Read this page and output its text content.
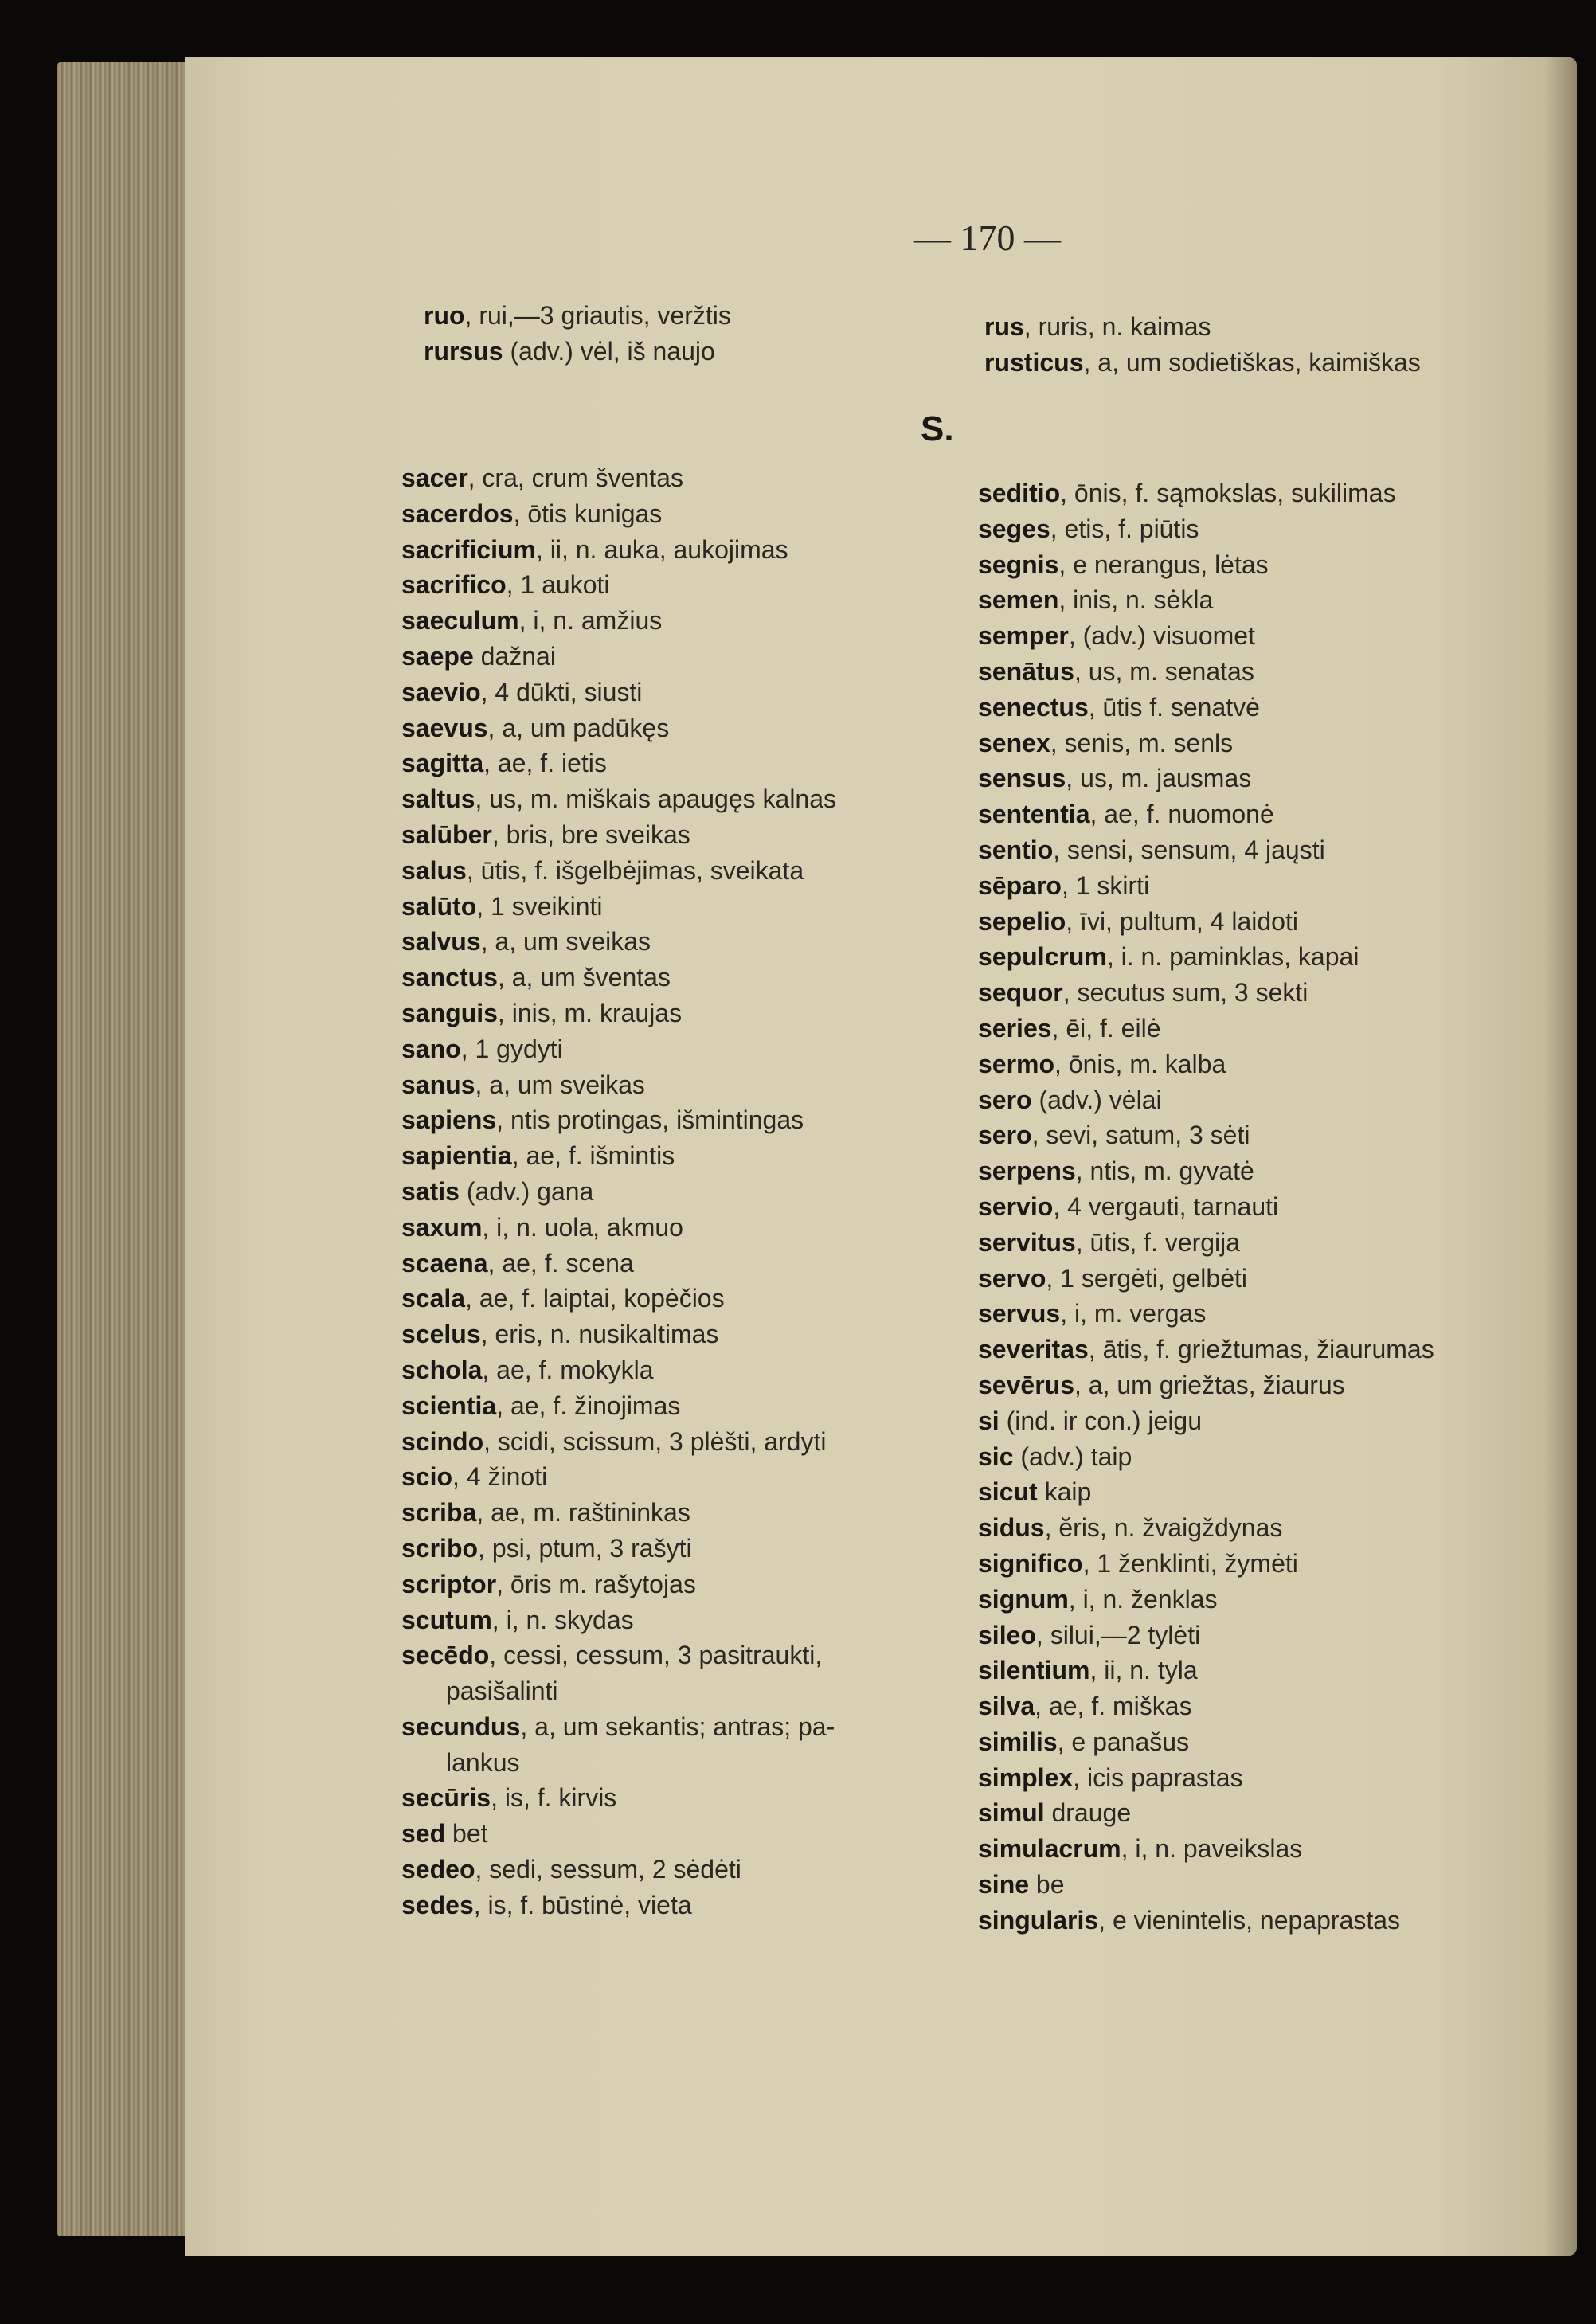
— 170 —
ruo, rui,—3 griautis, veržtis
rursus (adv.) vėl, iš naujo
rus, ruris, n. kaimas
rusticus, a, um sodietiškas, kaimiškas
S.
sacer, cra, crum šventas
sacerdos, ōtis kunigas
sacrificium, ii, n. auka, aukojimas
sacrifico, 1 aukoti
saeculum, i, n. amžius
saepe dažnai
saevio, 4 dūkti, siusti
saevus, a, um padūkęs
sagitta, ae, f. ietis
saltus, us, m. miškais apaugęs kalnas
salūber, bris, bre sveikas
salus, ūtis, f. išgelbėjimas, sveikata
salūto, 1 sveikinti
salvus, a, um sveikas
sanctus, a, um šventas
sanguis, inis, m. kraujas
sano, 1 gydyti
sanus, a, um sveikas
sapiens, ntis protingas, išmintingas
sapientia, ae, f. išmintis
satis (adv.) gana
saxum, i, n. uola, akmuo
scaena, ae, f. scena
scala, ae, f. laiptai, kopėčios
scelus, eris, n. nusikaltimas
schola, ae, f. mokykla
scientia, ae, f. žinojimas
scindo, scidi, scissum, 3 plėšti, ardyti
scio, 4 žinoti
scriba, ae, m. raštininkas
scribo, psi, ptum, 3 rašyti
scriptor, ōris m. rašytojas
scutum, i, n. skydas
secēdo, cessi, cessum, 3 pasitraukti,
pasišalinti
secundus, a, um sekantis; antras; pa-
lankus
secūris, is, f. kirvis
sed bet
sedeo, sedi, sessum, 2 sėdėti
sedes, is, f. būstinė, vieta
seditio, ōnis, f. sąmokslas, sukilimas
seges, etis, f. piūtis
segnis, e nerangus, lėtas
semen, inis, n. sėkla
semper, (adv.) visuomet
senātus, us, m. senatas
senectus, ūtis f. senatvė
senex, senis, m. senls
sensus, us, m. jausmas
sententia, ae, f. nuomonė
sentio, sensi, sensum, 4 jaųsti
sēparo, 1 skirti
sepelio, īvi, pultum, 4 laidoti
sepulcrum, i. n. paminklas, kapai
sequor, secutus sum, 3 sekti
series, ēi, f. eilė
sermo, ōnis, m. kalba
sero (adv.) vėlai
sero, sevi, satum, 3 sėti
serpens, ntis, m. gyvatė
servio, 4 vergauti, tarnauti
servitus, ūtis, f. vergija
servo, 1 sergėti, gelbėti
servus, i, m. vergas
severitas, ātis, f. griežtumas, žiaurumas
sevērus, a, um griežtas, žiaurus
si (ind. ir con.) jeigu
sic (adv.) taip
sicut kaip
sidus, ĕris, n. žvaigždynas
significo, 1 ženklinti, žymėti
signum, i, n. ženklas
sileo, silui,—2 tylėti
silentium, ii, n. tyla
silva, ae, f. miškas
similis, e panašus
simplex, icis paprastas
simul drauge
simulacrum, i, n. paveikslas
sine be
singularis, e vienintelis, nepaprastas
